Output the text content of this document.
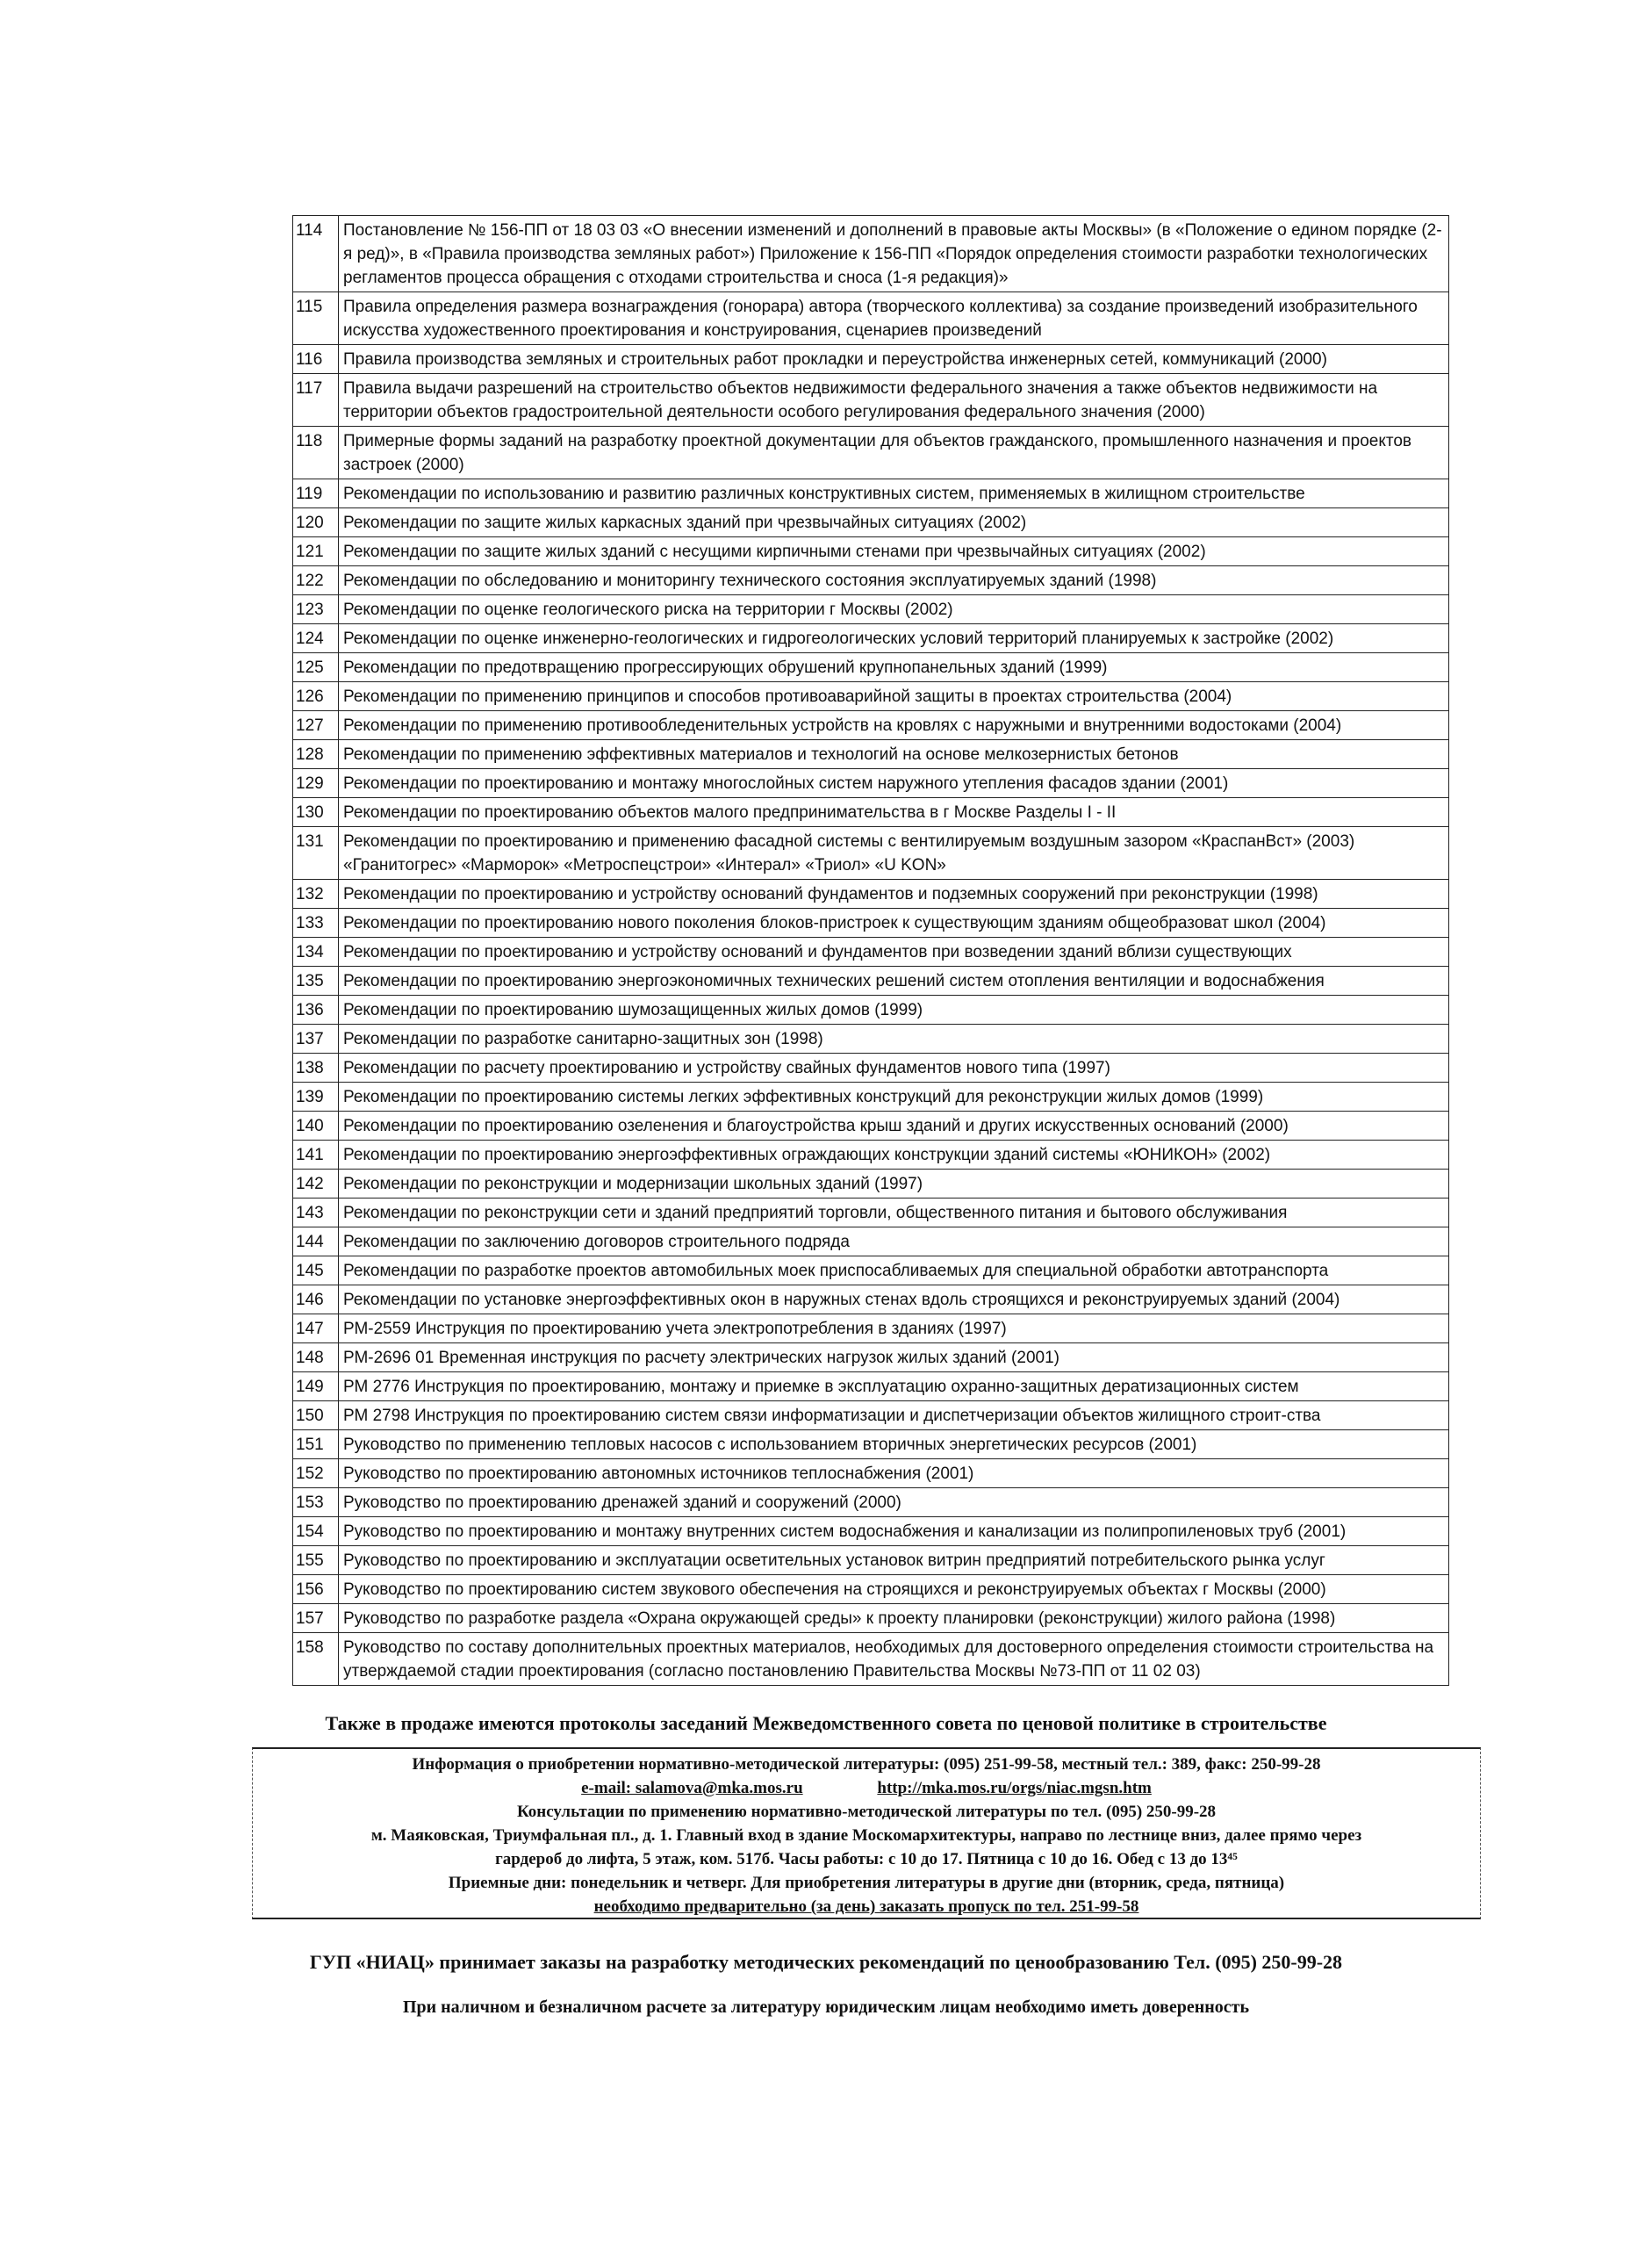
114	Постановление № 156-ПП от 18 03 03 «О внесении изменений и дополнений в правовые акты Москвы» (в «Положение о едином порядке (2-я ред)», в «Правила производства земляных работ») Приложение к 156-ПП «Порядок определения стоимости разработки технологических регламентов процесса обращения с отходами строительства и сноса (1-я редакция)»
115	Правила определения размера вознаграждения (гонорара) автора (творческого коллектива) за создание произведений изобразительного искусства художественного проектирования и конструирования, сценариев произведений
116	Правила производства земляных и строительных работ прокладки и переустройства инженерных сетей, коммуникаций (2000)
117	Правила выдачи разрешений на строительство объектов недвижимости федерального значения а также объектов недвижимости на территории объектов градостроительной деятельности особого регулирования федерального значения (2000)
118	Примерные формы заданий на разработку проектной документации для объектов гражданского, промышленного назначения и проектов застроек (2000)
119	Рекомендации по использованию и развитию различных конструктивных систем, применяемых в жилищном строительстве
120	Рекомендации по защите жилых каркасных зданий при чрезвычайных ситуациях (2002)
121	Рекомендации по защите жилых зданий с несущими кирпичными стенами при чрезвычайных ситуациях (2002)
122	Рекомендации по обследованию и мониторингу технического состояния эксплуатируемых зданий (1998)
123	Рекомендации по оценке геологического риска на территории г Москвы (2002)
124	Рекомендации по оценке инженерно-геологических и гидрогеологических условий территорий планируемых к застройке (2002)
125	Рекомендации по предотвращению прогрессирующих обрушений крупнопанельных зданий (1999)
126	Рекомендации по применению принципов и способов противоаварийной защиты в проектах строительства (2004)
127	Рекомендации по применению противообледенительных устройств на кровлях с наружными и внутренними водостоками (2004)
128	Рекомендации по применению эффективных материалов и технологий на основе мелкозернистых бетонов
129	Рекомендации по проектированию и монтажу многослойных систем наружного утепления фасадов здании (2001)
130	Рекомендации по проектированию объектов малого предпринимательства в г Москве Разделы I - II
131	Рекомендации по проектированию и применению фасадной системы с вентилируемым воздушным зазором «КраспанВст» (2003) «Гранитогрес» «Марморок» «Метроспецстрои» «Интерал» «Триол» «U KON»
132	Рекомендации по проектированию и устройству оснований фундаментов и подземных сооружений при реконструкции (1998)
133	Рекомендации по проектированию нового поколения блоков-пристроек к существующим зданиям общеобразоват школ (2004)
134	Рекомендации по проектированию и устройству оснований и фундаментов при возведении зданий вблизи существующих
135	Рекомендации по проектированию энергоэкономичных технических решений систем отопления вентиляции и водоснабжения
136	Рекомендации по проектированию шумозащищенных жилых домов (1999)
137	Рекомендации по разработке санитарно-защитных зон (1998)
138	Рекомендации по расчету проектированию и устройству свайных фундаментов нового типа (1997)
139	Рекомендации по проектированию системы легких эффективных конструкций для реконструкции жилых домов (1999)
140	Рекомендации по проектированию озеленения и благоустройства крыш зданий и других искусственных оснований (2000)
141	Рекомендации по проектированию энергоэффективных ограждающих конструкции зданий системы «ЮНИКОН» (2002)
142	Рекомендации по реконструкции и модернизации школьных зданий (1997)
143	Рекомендации по реконструкции сети и зданий предприятий торговли, общественного питания и бытового обслуживания
144	Рекомендации по заключению договоров строительного подряда
145	Рекомендации по разработке проектов автомобильных моек приспосабливаемых для специальной обработки автотранспорта
146	Рекомендации по установке энергоэффективных окон в наружных стенах вдоль строящихся и реконструируемых зданий (2004)
147	РМ-2559 Инструкция по проектированию учета электропотребления в зданиях (1997)
148	РМ-2696 01 Временная инструкция по расчету электрических нагрузок жилых зданий (2001)
149	РМ 2776 Инструкция по проектированию, монтажу и приемке в эксплуатацию охранно-защитных дератизационных систем
150	РМ 2798 Инструкция по проектированию систем связи информатизации и диспетчеризации объектов жилищного строит-ства
151	Руководство по применению тепловых насосов с использованием вторичных энергетических ресурсов (2001)
152	Руководство по проектированию автономных источников теплоснабжения (2001)
153	Руководство по проектированию дренажей зданий и сооружений (2000)
154	Руководство по проектированию и монтажу внутренних систем водоснабжения и канализации из полипропиленовых труб (2001)
155	Руководство по проектированию и эксплуатации осветительных установок витрин предприятий потребительского рынка услуг
156	Руководство по проектированию систем звукового обеспечения на строящихся и реконструируемых объектах г Москвы (2000)
157	Руководство по разработке раздела «Охрана окружающей среды» к проекту планировки (реконструкции) жилого района (1998)
158	Руководство по составу дополнительных проектных материалов, необходимых для достоверного определения стоимости строительства на утверждаемой стадии проектирования (согласно постановлению Правительства Москвы №73-ПП от 11 02 03)
Также в продаже имеются протоколы заседаний Межведомственного совета по ценовой политике в строительстве
Информация о приобретении нормативно-методической литературы: (095) 251-99-58, местный тел.: 389, факс: 250-99-28
e-mail: salamova@mka.mos.ru	http://mka.mos.ru/orgs/niac.mgsn.htm
Консультации по применению нормативно-методической литературы по тел. (095) 250-99-28
м. Маяковская, Триумфальная пл., д. 1. Главный вход в здание Москомархитектуры, направо по лестнице вниз, далее прямо через
гардероб до лифта, 5 этаж, ком. 517б. Часы работы: с 10 до 17. Пятница с 10 до 16. Обед с 13 до 13⁴⁵
Приемные дни: понедельник и четверг. Для приобретения литературы в другие дни (вторник, среда, пятница)
необходимо предварительно (за день) заказать пропуск по тел. 251-99-58
ГУП «НИАЦ» принимает заказы на разработку методических рекомендаций по ценообразованию Тел. (095) 250-99-28
При наличном и безналичном расчете за литературу юридическим лицам необходимо иметь доверенность
